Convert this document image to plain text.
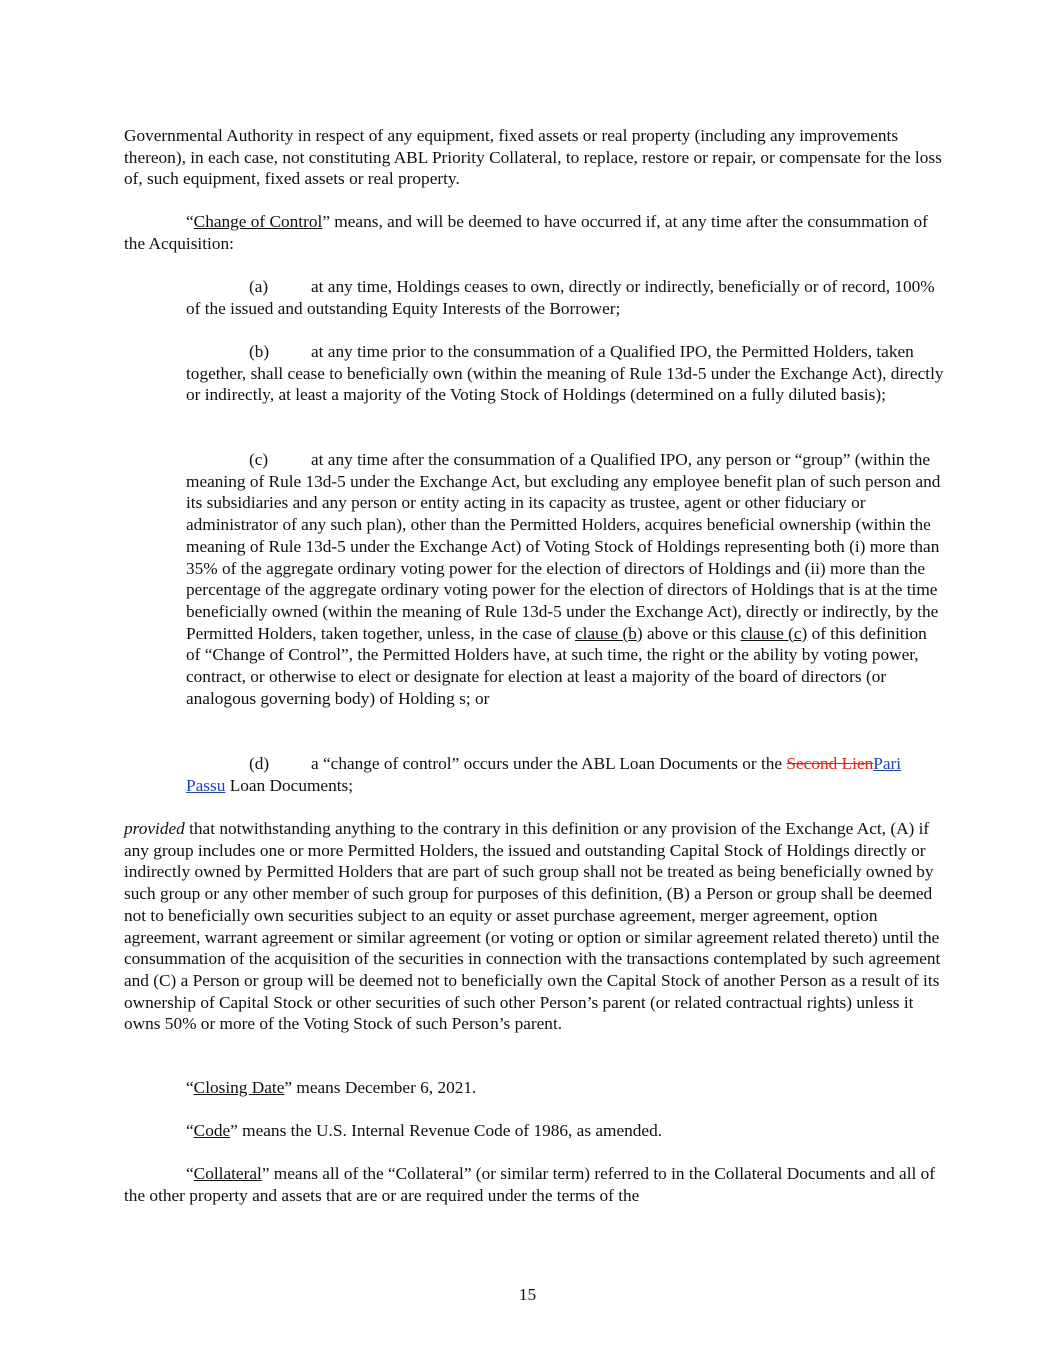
Governmental Authority in respect of any equipment, fixed assets or real property (including any improvements thereon), in each case, not constituting ABL Priority Collateral, to replace, restore or repair, or compensate for the loss of, such equipment, fixed assets or real property.

“Change of Control” means, and will be deemed to have occurred if, at any time after the consummation of the Acquisition:

(a) at any time, Holdings ceases to own, directly or indirectly, beneficially or of record, 100% of the issued and outstanding Equity Interests of the Borrower;

(b) at any time prior to the consummation of a Qualified IPO, the Permitted Holders, taken together, shall cease to beneficially own (within the meaning of Rule 13d-5 under the Exchange Act), directly or indirectly, at least a majority of the Voting Stock of Holdings (determined on a fully diluted basis);

(c) at any time after the consummation of a Qualified IPO, any person or “group” (within the meaning of Rule 13d-5 under the Exchange Act, but excluding any employee benefit plan of such person and its subsidiaries and any person or entity acting in its capacity as trustee, agent or other fiduciary or administrator of any such plan), other than the Permitted Holders, acquires beneficial ownership (within the meaning of Rule 13d-5 under the Exchange Act) of Voting Stock of Holdings representing both (i) more than 35% of the aggregate ordinary voting power for the election of directors of Holdings and (ii) more than the percentage of the aggregate ordinary voting power for the election of directors of Holdings that is at the time beneficially owned (within the meaning of Rule 13d-5 under the Exchange Act), directly or indirectly, by the Permitted Holders, taken together, unless, in the case of clause (b) above or this clause (c) of this definition of “Change of Control”, the Permitted Holders have, at such time, the right or the ability by voting power, contract, or otherwise to elect or designate for election at least a majority of the board of directors (or analogous governing body) of Holding s; or

(d) a “change of control” occurs under the ABL Loan Documents or the Second LienPari Passu Loan Documents;

provided that notwithstanding anything to the contrary in this definition or any provision of the Exchange Act, (A) if any group includes one or more Permitted Holders, the issued and outstanding Capital Stock of Holdings directly or indirectly owned by Permitted Holders that are part of such group shall not be treated as being beneficially owned by such group or any other member of such group for purposes of this definition, (B) a Person or group shall be deemed not to beneficially own securities subject to an equity or asset purchase agreement, merger agreement, option agreement, warrant agreement or similar agreement (or voting or option or similar agreement related thereto) until the consummation of the acquisition of the securities in connection with the transactions contemplated by such agreement and (C) a Person or group will be deemed not to beneficially own the Capital Stock of another Person as a result of its ownership of Capital Stock or other securities of such other Person’s parent (or related contractual rights) unless it owns 50% or more of the Voting Stock of such Person’s parent.

“Closing Date” means December 6, 2021.

“Code” means the U.S. Internal Revenue Code of 1986, as amended.

“Collateral” means all of the “Collateral” (or similar term) referred to in the Collateral Documents and all of the other property and assets that are or are required under the terms of the

15
